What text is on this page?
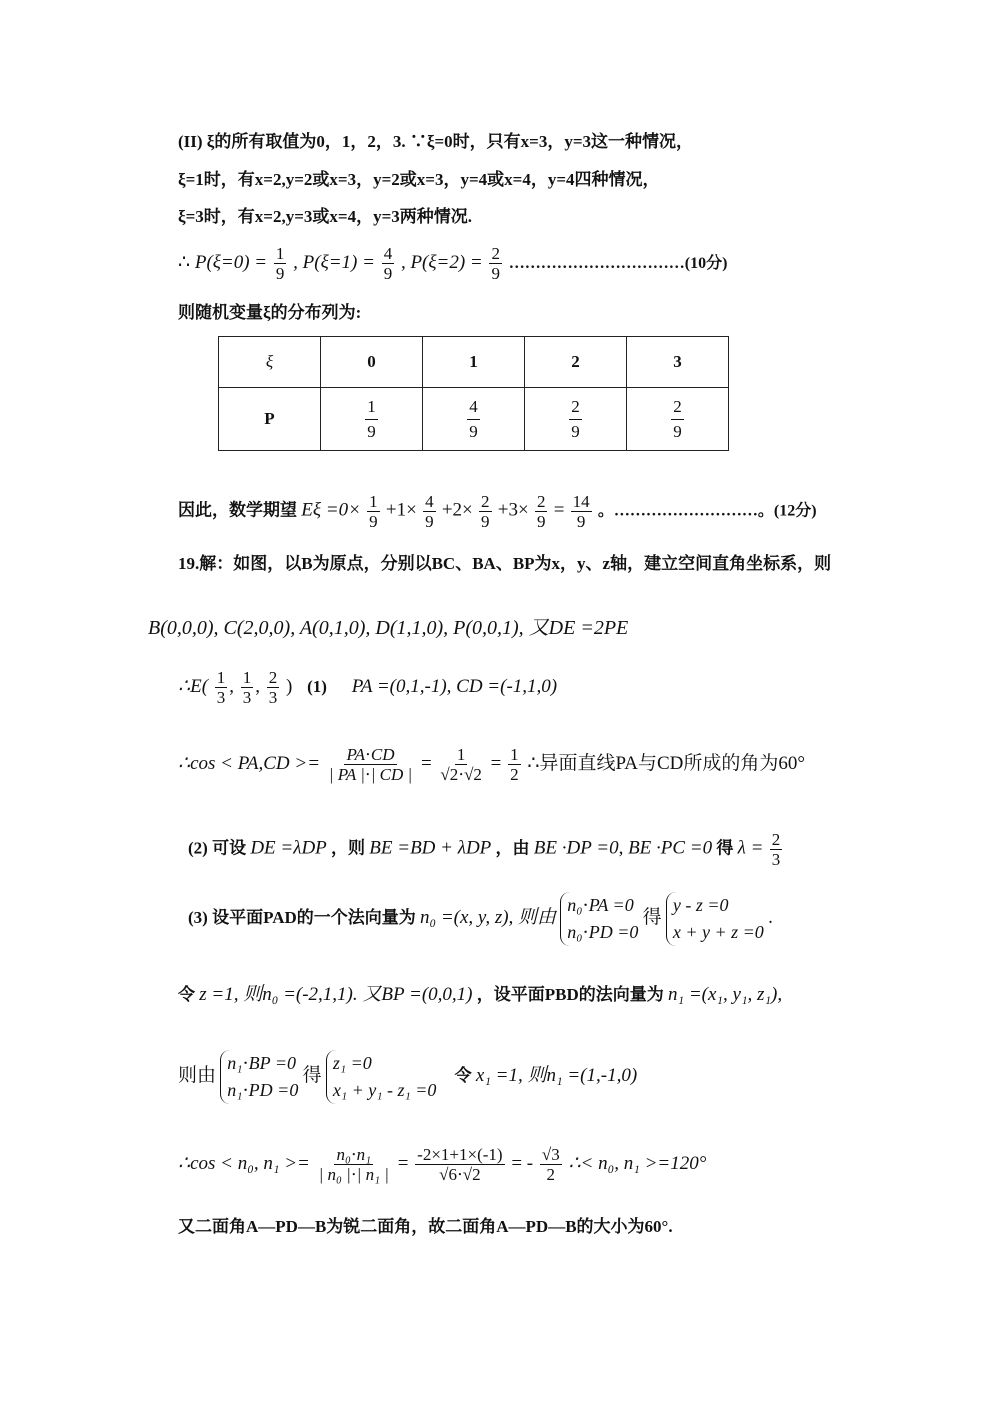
(II) ξ的所有取值为0，1，2，3. ∵ξ=0时，只有x=3，y=3这一种情况，
ξ=1时，有x=2,y=2或x=3，y=2或x=3，y=4或x=4，y=4四种情况，
ξ=3时，有x=2,y=3或x=4，y=3两种情况.
∴ $P(\xi=0) = \frac{1}{9}$ , $P(\xi=1) = \frac{4}{9}$ , $P(\xi=2) = \frac{2}{9}$ ……………………………(10分)
则随机变量ξ的分布列为:
ξ	0	1	2	3
P	$\frac{1}{9}$	$\frac{4}{9}$	$\frac{2}{9}$	$\frac{2}{9}$
因此，数学期望 $E\xi =0\times \frac{1}{9} +1\times \frac{4}{9} +2\times \frac{2}{9} +3\times \frac{2}{9} = \frac{14}{9}$ 。………………………。(12分)
19.解：如图，以B为原点，分别以BC、BA、BP为x，y、z轴，建立空间直角坐标系，则
B(0,0,0), C(2,0,0), A(0,1,0), D(1,1,0), P(0,0,1), 又DE =2PE
∴E( $\frac{1}{3}$ , $\frac{1}{3}$ , $\frac{2}{3}$ ) (1) PA =(0,1,-1), CD =(-1,1,0)
∴cos < $PA,CD >= \frac{PA\cdot CD}{| PA |\cdot| CD |} = \frac{1}{√2\cdot√2} = \frac{1}{2}$ ∴异面直线PA与CD所成的角为60°
(2) 可设 DE =λDP ，则 BE =BD + λDP ，由 BE ·DP =0, BE ·PC =0 得 $\lambda = \frac{2}{3}$
(3) 设平面PAD的一个法向量为 n₀ =(x, y, z), 则由
n₀⋅PA =0
n₀⋅PD =0
得
y - z =0
x + y + z =0
.
令 z =1, 则n₀ =(-2,1,1). 又BP =(0,0,1) ，设平面PBD的法向量为 n₁ =(x₁, y₁, z₁),
则由
n₁⋅BP =0
n₁⋅PD =0
得
z₁ =0
x₁ + y₁ - z₁ =0
令 x₁ =1, 则n₁ =(1,-1,0)
∴cos < n₀, $n_1 >= \frac{\text{n₀⋅n₁}}{\text{| n₀ |⋅| n₁ |}} = \frac{-2\times 1+1\times(-1)}{√6\cdot√2}$ = - $\frac{√3}{2}$ ∴< n₀, n₁ >=120°
又二面角A—PD—B为锐二面角，故二面角A—PD—B的大小为60°.
